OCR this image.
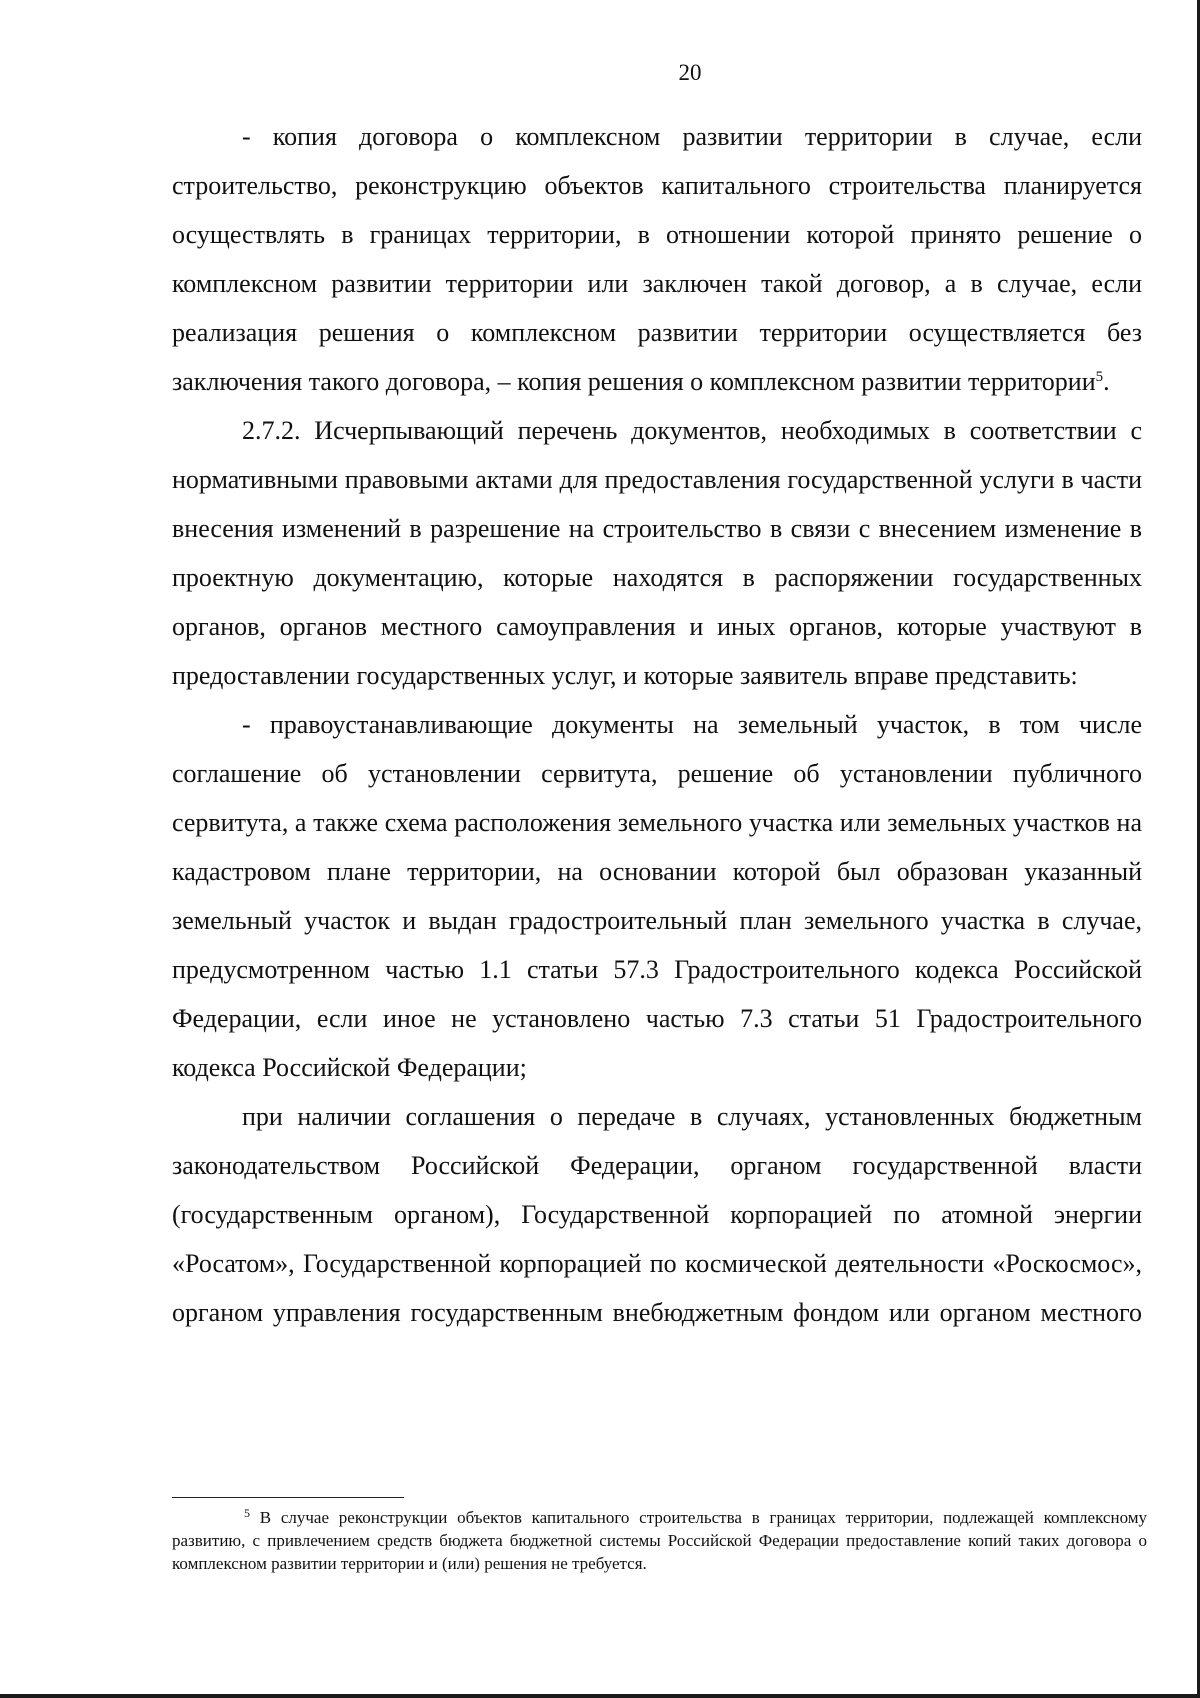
20

- копия договора о комплексном развитии территории в случае, если строительство, реконструкцию объектов капитального строительства планируется осуществлять в границах территории, в отношении которой принято решение о комплексном развитии территории или заключен такой договор, а в случае, если реализация решения о комплексном развитии территории осуществляется без заключения такого договора, – копия решения о комплексном развитии территории$^5$.

2.7.2. Исчерпывающий перечень документов, необходимых в соответствии с нормативными правовыми актами для предоставления государственной услуги в части внесения изменений в разрешение на строительство в связи с внесением изменение в проектную документацию, которые находятся в распоряжении государственных органов, органов местного самоуправления и иных органов, которые участвуют в предоставлении государственных услуг, и которые заявитель вправе представить:

- правоустанавливающие документы на земельный участок, в том числе соглашение об установлении сервитута, решение об установлении публичного сервитута, а также схема расположения земельного участка или земельных участков на кадастровом плане территории, на основании которой был образован указанный земельный участок и выдан градостроительный план земельного участка в случае, предусмотренном частью 1.1 статьи 57.3 Градостроительного кодекса Российской Федерации, если иное не установлено частью 7.3 статьи 51 Градостроительного кодекса Российской Федерации;

при наличии соглашения о передаче в случаях, установленных бюджетным законодательством Российской Федерации, органом государственной власти (государственным органом), Государственной корпорацией по атомной энергии «Росатом», Государственной корпорацией по космической деятельности «Роскосмос», органом управления государственным внебюджетным фондом или органом местного

$^5$ В случае реконструкции объектов капитального строительства в границах территории, подлежащей комплексному развитию, с привлечением средств бюджета бюджетной системы Российской Федерации предоставление копий таких договора о комплексном развитии территории и (или) решения не требуется.
